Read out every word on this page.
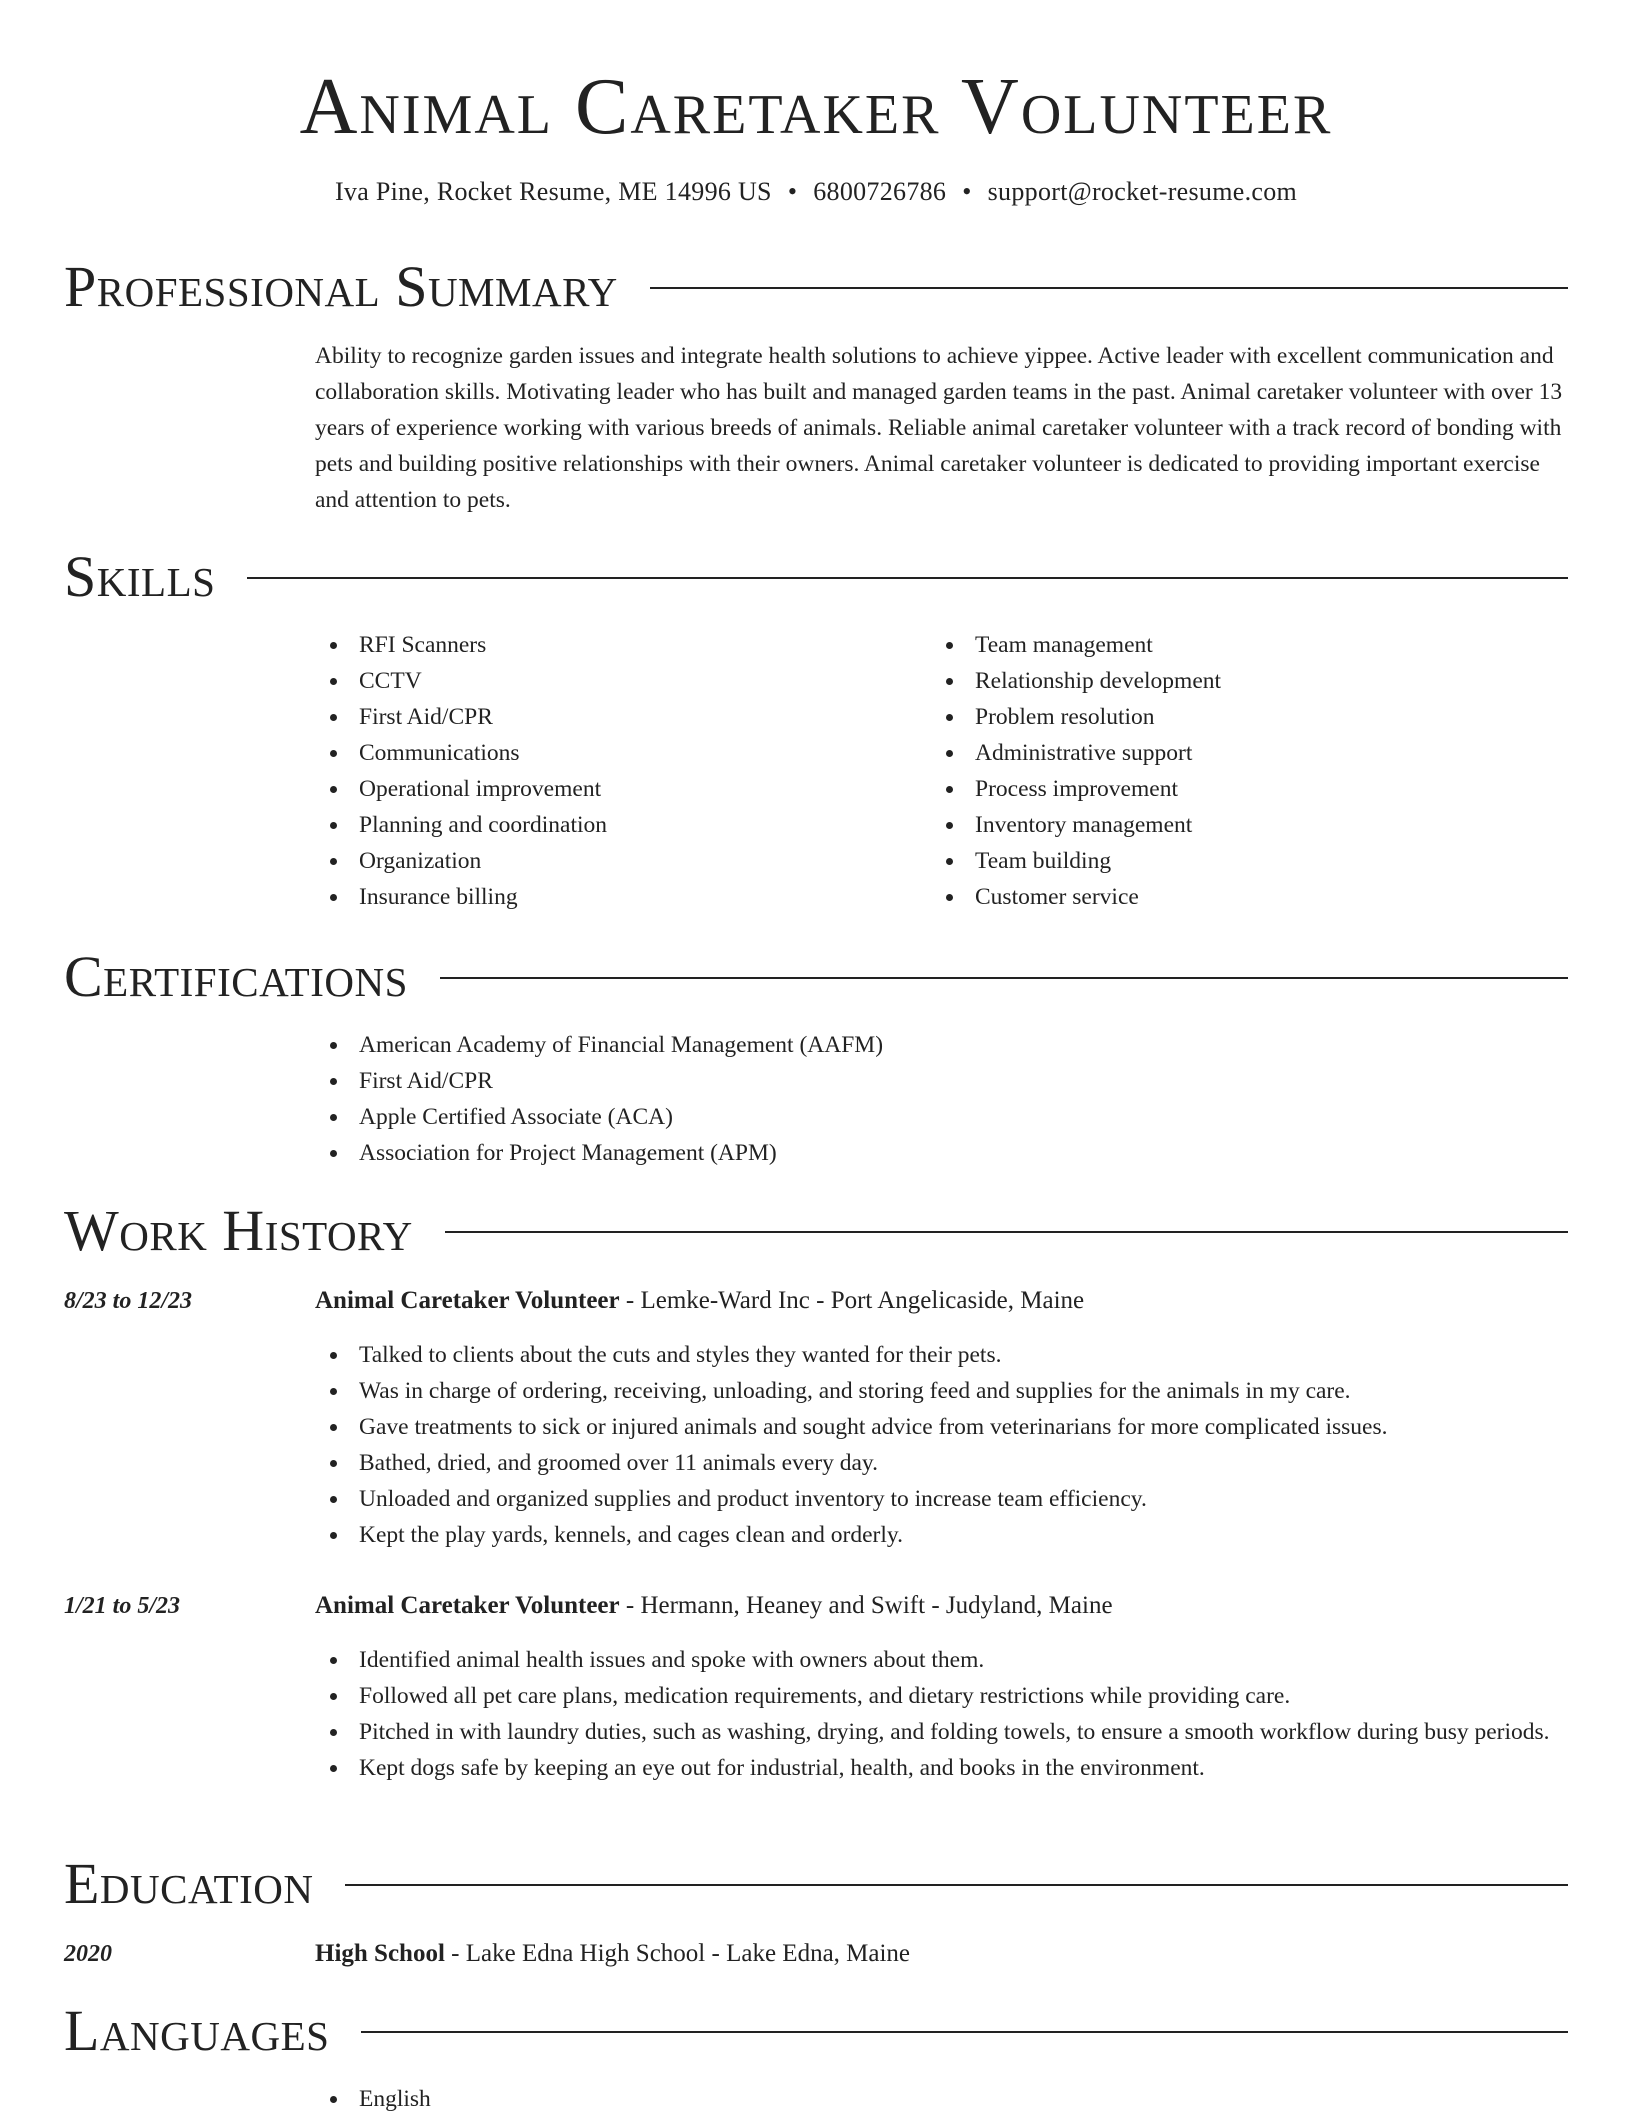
Animal Caretaker Volunteer
Iva Pine, Rocket Resume, ME 14996 US • 6800726786 • support@rocket-resume.com
Professional Summary
Ability to recognize garden issues and integrate health solutions to achieve yippee. Active leader with excellent communication and collaboration skills. Motivating leader who has built and managed garden teams in the past. Animal caretaker volunteer with over 13 years of experience working with various breeds of animals. Reliable animal caretaker volunteer with a track record of bonding with pets and building positive relationships with their owners. Animal caretaker volunteer is dedicated to providing important exercise and attention to pets.
Skills
RFI Scanners
CCTV
First Aid/CPR
Communications
Operational improvement
Planning and coordination
Organization
Insurance billing
Team management
Relationship development
Problem resolution
Administrative support
Process improvement
Inventory management
Team building
Customer service
Certifications
American Academy of Financial Management (AAFM)
First Aid/CPR
Apple Certified Associate (ACA)
Association for Project Management (APM)
Work History
8/23 to 12/23	Animal Caretaker Volunteer - Lemke-Ward Inc - Port Angelicaside, Maine
Talked to clients about the cuts and styles they wanted for their pets.
Was in charge of ordering, receiving, unloading, and storing feed and supplies for the animals in my care.
Gave treatments to sick or injured animals and sought advice from veterinarians for more complicated issues.
Bathed, dried, and groomed over 11 animals every day.
Unloaded and organized supplies and product inventory to increase team efficiency.
Kept the play yards, kennels, and cages clean and orderly.
1/21 to 5/23	Animal Caretaker Volunteer - Hermann, Heaney and Swift - Judyland, Maine
Identified animal health issues and spoke with owners about them.
Followed all pet care plans, medication requirements, and dietary restrictions while providing care.
Pitched in with laundry duties, such as washing, drying, and folding towels, to ensure a smooth workflow during busy periods.
Kept dogs safe by keeping an eye out for industrial, health, and books in the environment.
Education
2020	High School - Lake Edna High School - Lake Edna, Maine
Languages
English
